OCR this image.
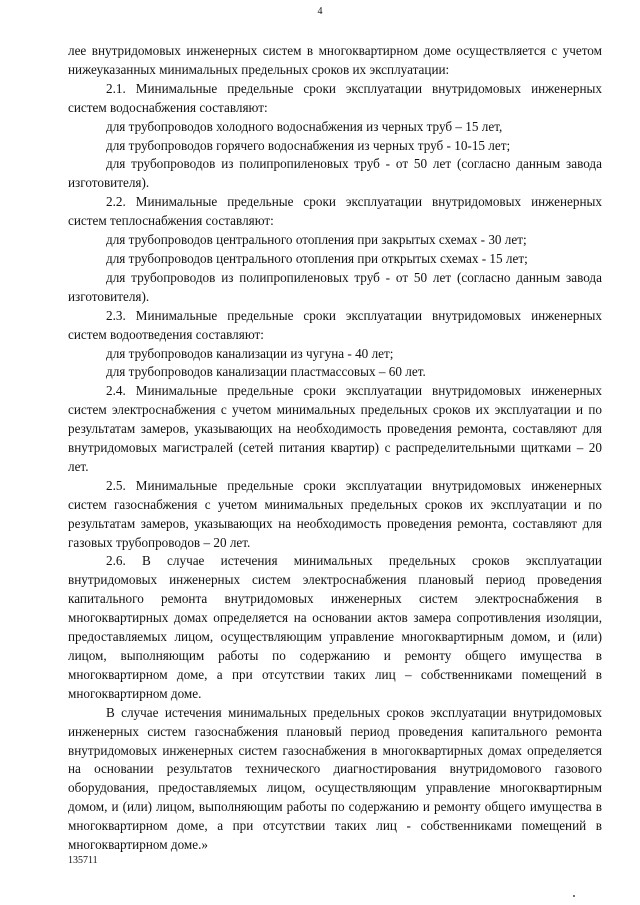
4

лее внутридомовых инженерных систем в многоквартирном доме осуществляется с учетом нижеуказанных минимальных предельных сроков их эксплуатации:

2.1. Минимальные предельные сроки эксплуатации внутридомовых инженерных систем водоснабжения составляют:

для трубопроводов холодного водоснабжения из черных труб – 15 лет,

для трубопроводов горячего водоснабжения из черных труб - 10-15 лет;

для трубопроводов из полипропиленовых труб - от 50 лет (согласно данным завода изготовителя).

2.2. Минимальные предельные сроки эксплуатации внутридомовых инженерных систем теплоснабжения составляют:

для трубопроводов центрального отопления при закрытых схемах - 30 лет;

для трубопроводов центрального отопления при открытых схемах - 15 лет;

для трубопроводов из полипропиленовых труб - от 50 лет (согласно данным завода изготовителя).

2.3. Минимальные предельные сроки эксплуатации внутридомовых инженерных систем водоотведения составляют:

для трубопроводов канализации из чугуна - 40 лет;

для трубопроводов канализации пластмассовых – 60 лет.

2.4. Минимальные предельные сроки эксплуатации внутридомовых инженерных систем электроснабжения с учетом минимальных предельных сроков их эксплуатации и по результатам замеров, указывающих на необходимость проведения ремонта, составляют для внутридомовых магистралей (сетей питания квартир) с распределительными щитками – 20 лет.

2.5. Минимальные предельные сроки эксплуатации внутридомовых инженерных систем газоснабжения с учетом минимальных предельных сроков их эксплуатации и по результатам замеров, указывающих на необходимость проведения ремонта, составляют для газовых трубопроводов – 20 лет.

2.6. В случае истечения минимальных предельных сроков эксплуатации внутридомовых инженерных систем электроснабжения плановый период проведения капитального ремонта внутридомовых инженерных систем электроснабжения в многоквартирных домах определяется на основании актов замера сопротивления изоляции, предоставляемых лицом, осуществляющим управление многоквартирным домом, и (или) лицом, выполняющим работы по содержанию и ремонту общего имущества в многоквартирном доме, а при отсутствии таких лиц – собственниками помещений в многоквартирном доме.

В случае истечения минимальных предельных сроков эксплуатации внутридомовых инженерных систем газоснабжения плановый период проведения капитального ремонта внутридомовых инженерных систем газоснабжения в многоквартирных домах определяется на основании результатов технического диагностирования внутридомового газового оборудования, предоставляемых лицом, осуществляющим управление многоквартирным домом, и (или) лицом, выполняющим работы по содержанию и ремонту общего имущества в многоквартирном доме, а при отсутствии таких лиц - собственниками помещений в многоквартирном доме.»

135711
